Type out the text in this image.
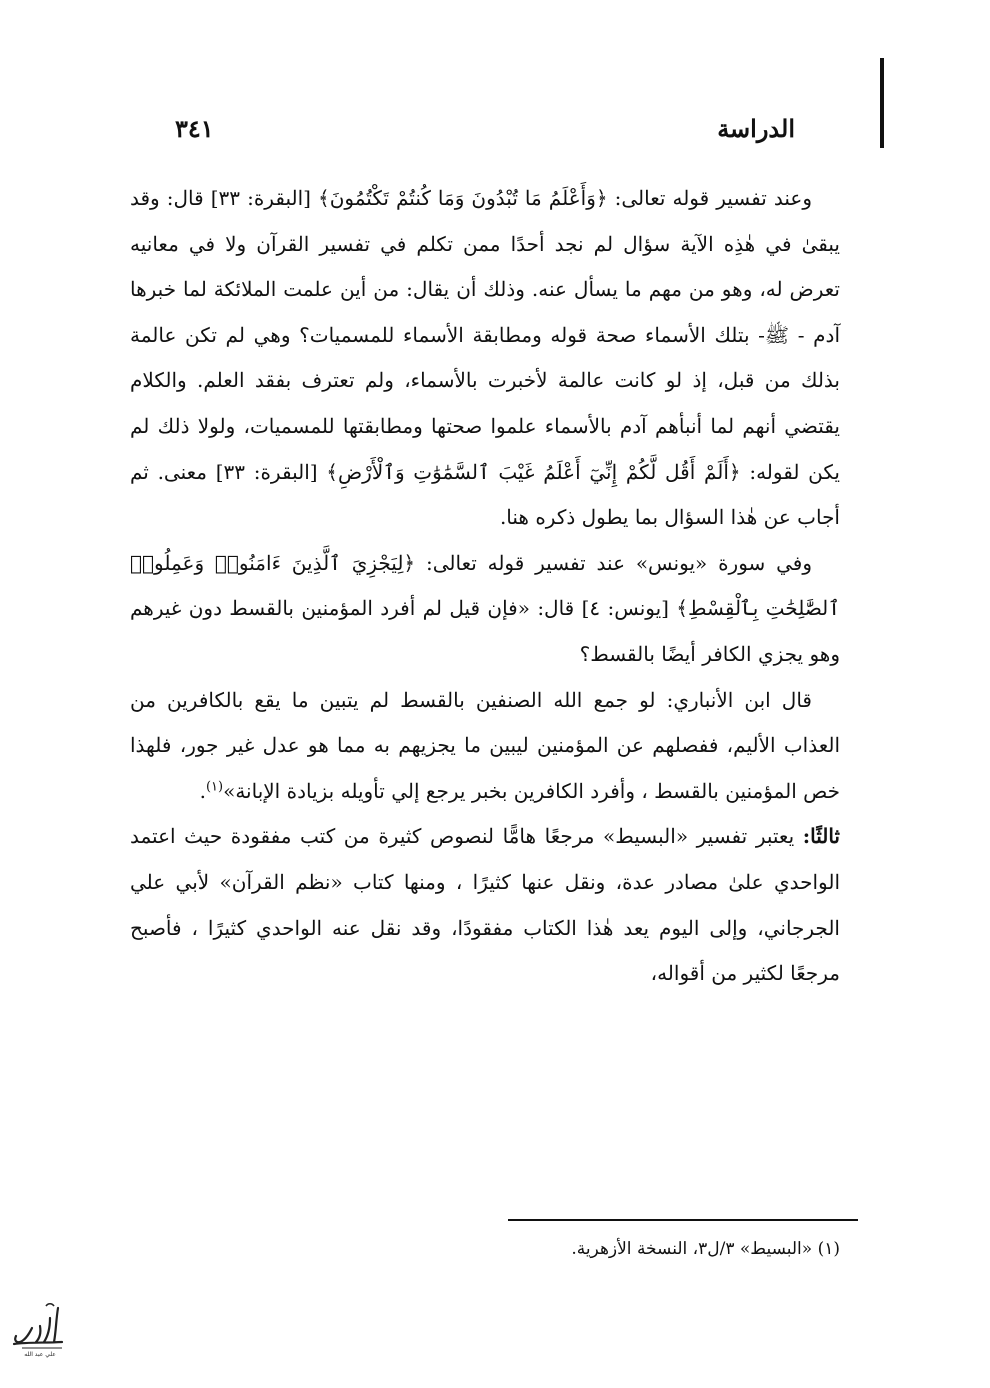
الدراسة
٣٤١

وعند تفسير قوله تعالى: ﴿وَأَعْلَمُ مَا تُبْدُونَ وَمَا كُنتُمْ تَكْتُمُونَ﴾ [البقرة: ٣٣] قال: وقد يبقىٰ في هٰذِه الآية سؤال لم نجد أحدًا ممن تكلم في تفسير القرآن ولا في معانيه تعرض له، وهو من مهم ما يسأل عنه. وذلك أن يقال: من أين علمت الملائكة لما خبرها آدم - ﷺ- بتلك الأسماء صحة قوله ومطابقة الأسماء للمسميات؟ وهي لم تكن عالمة بذلك من قبل، إذ لو كانت عالمة لأخبرت بالأسماء، ولم تعترف بفقد العلم. والكلام يقتضي أنهم لما أنبأهم آدم بالأسماء علموا صحتها ومطابقتها للمسميات، ولولا ذلك لم يكن لقوله: ﴿أَلَمْ أَقُل لَّكُمْ إِنِّيٓ أَعْلَمُ غَيْبَ ٱلسَّمَٰوَٰتِ وَٱلْأَرْضِ﴾ [البقرة: ٣٣] معنى. ثم أجاب عن هٰذا السؤال بما يطول ذكره هنا.

وفي سورة «يونس» عند تفسير قوله تعالى: ﴿لِيَجْزِيَ ٱلَّذِينَ ءَامَنُوا۟ وَعَمِلُوا۟ ٱلصَّٰلِحَٰتِ بِٱلْقِسْطِ﴾ [يونس: ٤] قال: «فإن قيل لم أفرد المؤمنين بالقسط دون غيرهم وهو يجزي الكافر أيضًا بالقسط؟

قال ابن الأنباري: لو جمع الله الصنفين بالقسط لم يتبين ما يقع بالكافرين من العذاب الأليم، ففصلهم عن المؤمنين ليبين ما يجزيهم به مما هو عدل غير جور، فلهذا خص المؤمنين بالقسط ، وأفرد الكافرين بخبر يرجع إلي تأويله بزيادة الإبانة»$^{(١)}$.

ثالثًا: يعتبر تفسير «البسيط» مرجعًا هامًّا لنصوص كثيرة من كتب مفقودة حيث اعتمد الواحدي علىٰ مصادر عدة، ونقل عنها كثيرًا ، ومنها كتاب «نظم القرآن» لأبي علي الجرجاني، وإلى اليوم يعد هٰذا الكتاب مفقودًا، وقد نقل عنه الواحدي كثيرًا ، فأصبح مرجعًا لكثير من أقواله،

(١) «البسيط» ٣/ل٣، النسخة الأزهرية.
علي عبد الله
